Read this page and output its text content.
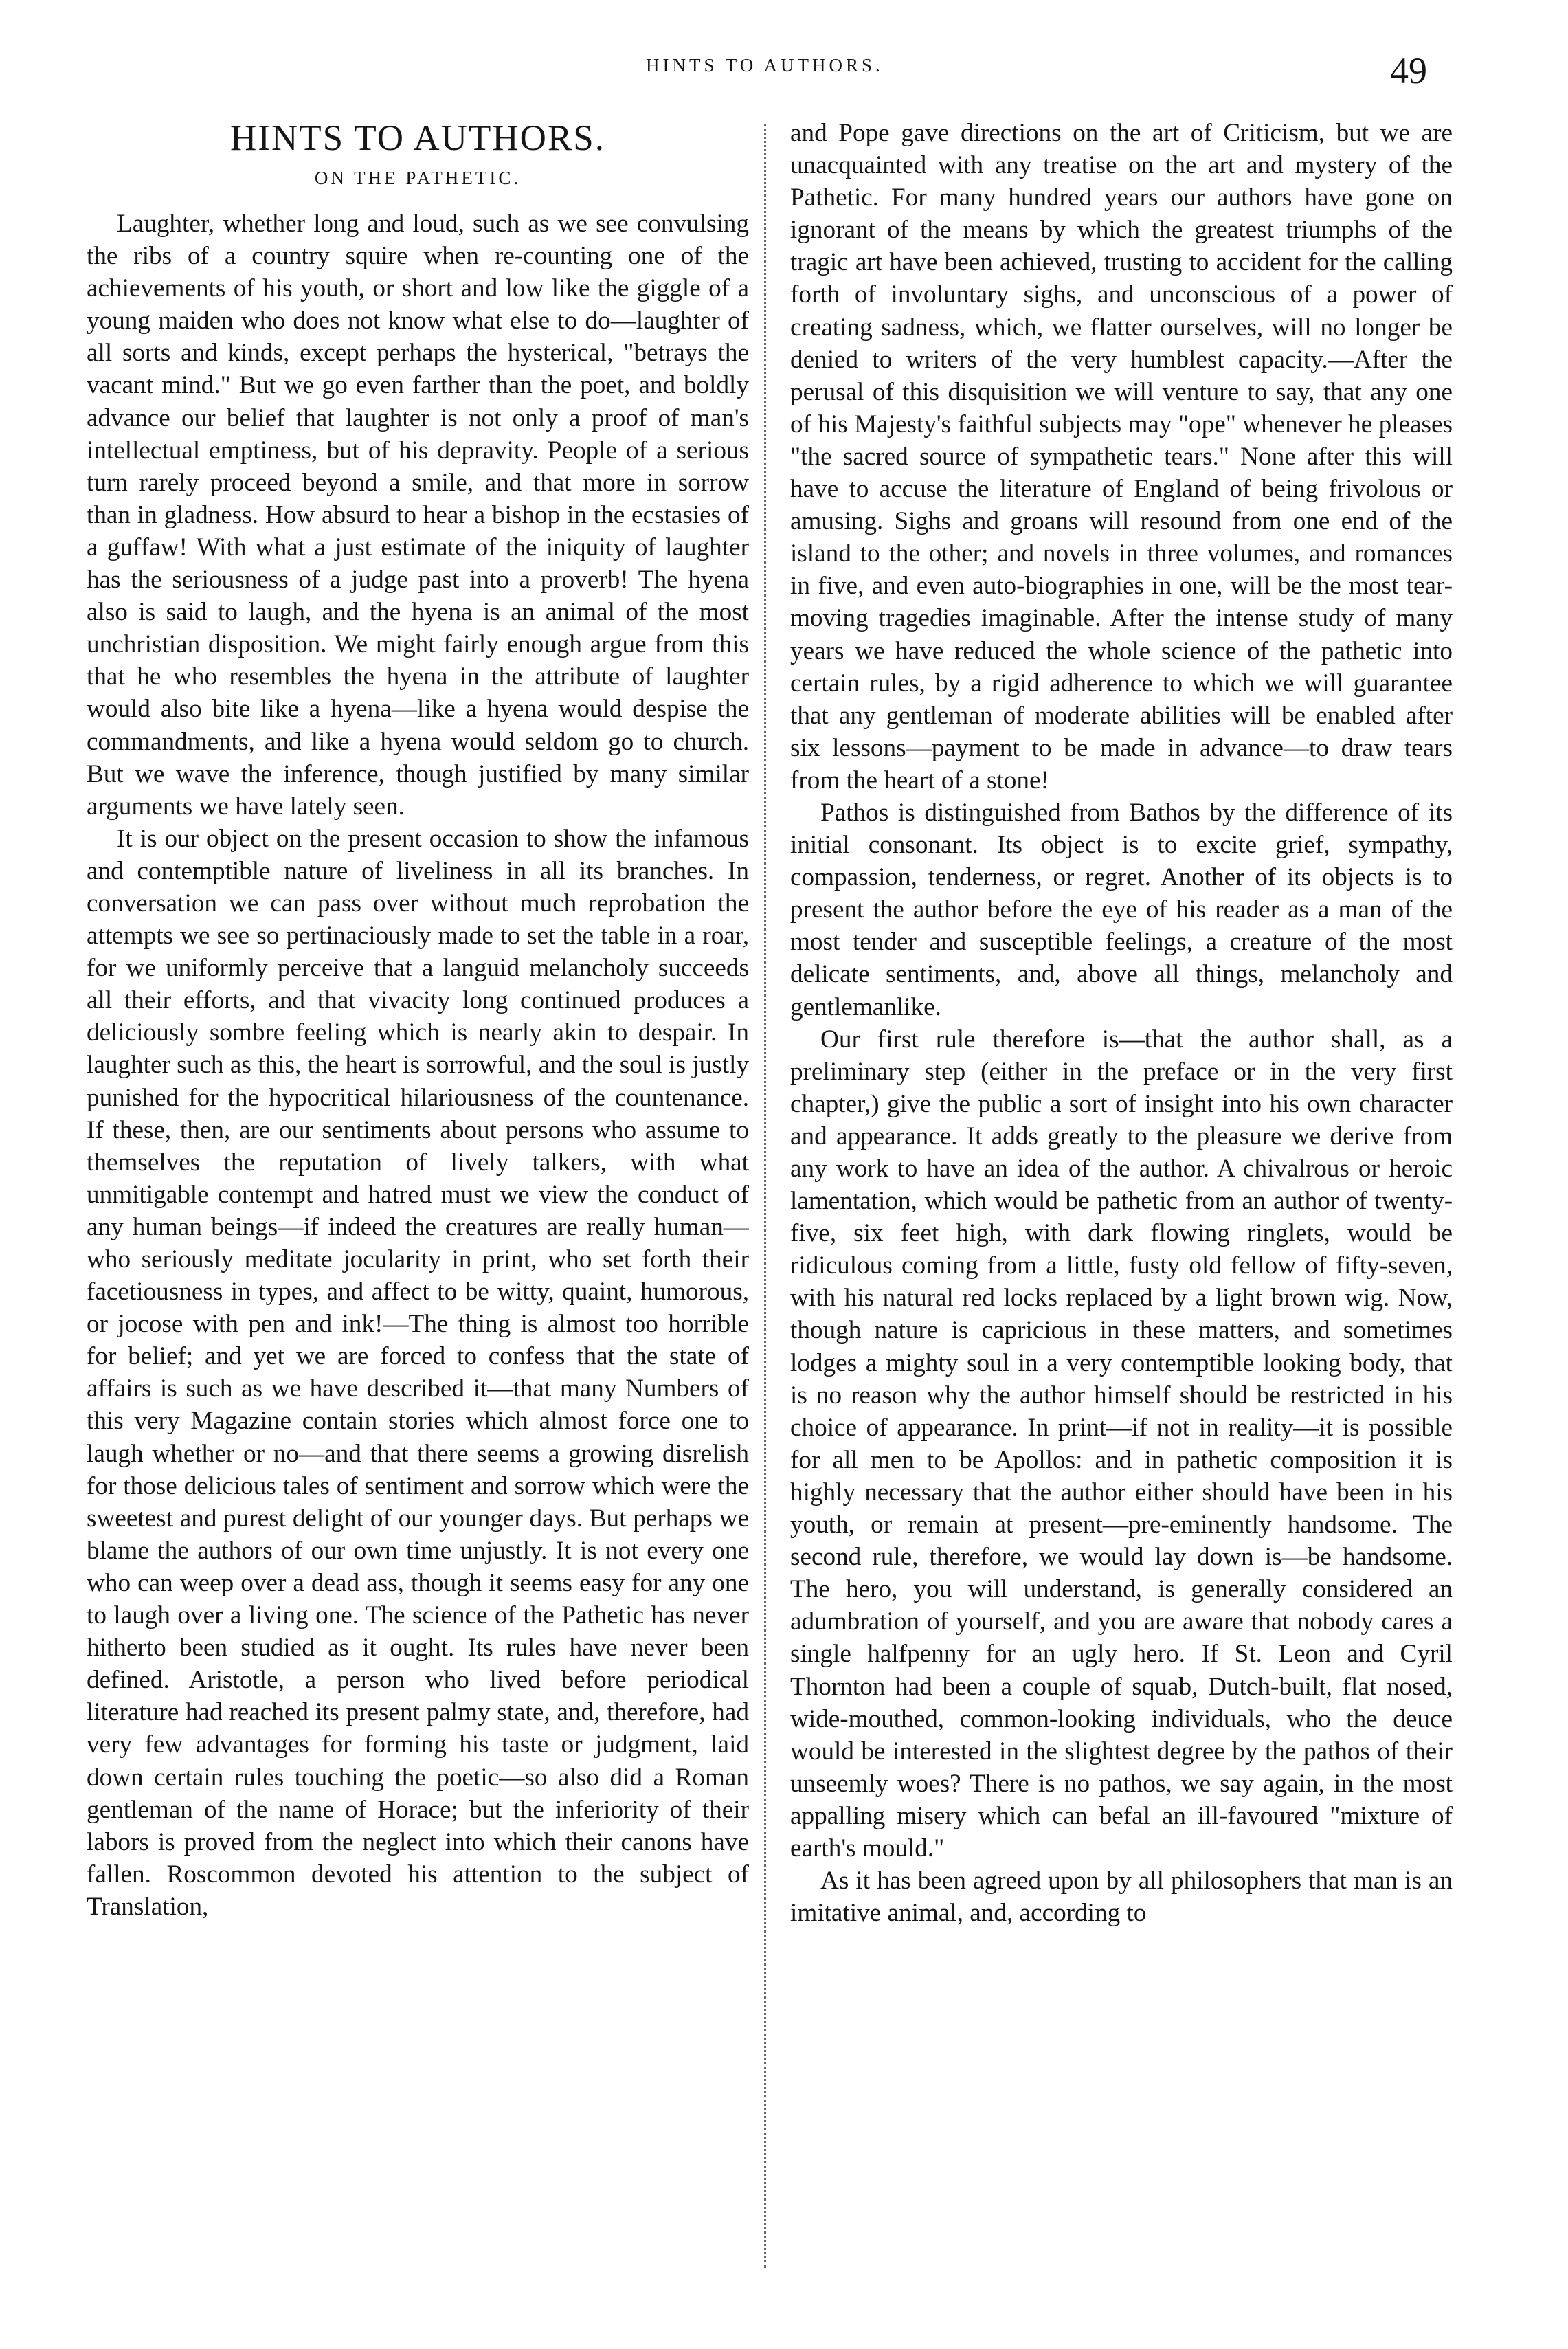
HINTS TO AUTHORS.	49
HINTS TO AUTHORS.
ON THE PATHETIC.

Laughter, whether long and loud, such as we see convulsing the ribs of a country squire when re-counting one of the achievements of his youth, or short and low like the giggle of a young maiden who does not know what else to do—laughter of all sorts and kinds, except perhaps the hysterical, "betrays the vacant mind." But we go even farther than the poet, and boldly advance our belief that laughter is not only a proof of man's intellectual emptiness, but of his depravity. People of a serious turn rarely proceed beyond a smile, and that more in sorrow than in gladness. How absurd to hear a bishop in the ecstasies of a guffaw! With what a just estimate of the iniquity of laughter has the seriousness of a judge past into a proverb! The hyena also is said to laugh, and the hyena is an animal of the most unchristian disposition. We might fairly enough argue from this that he who resembles the hyena in the attribute of laughter would also bite like a hyena—like a hyena would despise the commandments, and like a hyena would seldom go to church. But we wave the inference, though justified by many similar arguments we have lately seen.

It is our object on the present occasion to show the infamous and contemptible nature of liveliness in all its branches. In conversation we can pass over without much reprobation the attempts we see so pertinaciously made to set the table in a roar, for we uniformly perceive that a languid melancholy succeeds all their efforts, and that vivacity long continued produces a deliciously sombre feeling which is nearly akin to despair. In laughter such as this, the heart is sorrowful, and the soul is justly punished for the hypocritical hilariousness of the countenance. If these, then, are our sentiments about persons who assume to themselves the reputation of lively talkers, with what unmitigable contempt and hatred must we view the conduct of any human beings—if indeed the creatures are really human—who seriously meditate jocularity in print, who set forth their facetiousness in types, and affect to be witty, quaint, humorous, or jocose with pen and ink!—The thing is almost too horrible for belief; and yet we are forced to confess that the state of affairs is such as we have described it—that many Numbers of this very Magazine contain stories which almost force one to laugh whether or no—and that there seems a growing disrelish for those delicious tales of sentiment and sorrow which were the sweetest and purest delight of our younger days. But perhaps we blame the authors of our own time unjustly. It is not every one who can weep over a dead ass, though it seems easy for any one to laugh over a living one. The science of the Pathetic has never hitherto been studied as it ought. Its rules have never been defined. Aristotle, a person who lived before periodical literature had reached its present palmy state, and, therefore, had very few advantages for forming his taste or judgment, laid down certain rules touching the poetic—so also did a Roman gentleman of the name of Horace; but the inferiority of their labors is proved from the neglect into which their canons have fallen. Roscommon devoted his attention to the subject of Translation,

and Pope gave directions on the art of Criticism, but we are unacquainted with any treatise on the art and mystery of the Pathetic. For many hundred years our authors have gone on ignorant of the means by which the greatest triumphs of the tragic art have been achieved, trusting to accident for the calling forth of involuntary sighs, and unconscious of a power of creating sadness, which, we flatter ourselves, will no longer be denied to writers of the very humblest capacity.—After the perusal of this disquisition we will venture to say, that any one of his Majesty's faithful subjects may "ope" whenever he pleases "the sacred source of sympathetic tears." None after this will have to accuse the literature of England of being frivolous or amusing. Sighs and groans will resound from one end of the island to the other; and novels in three volumes, and romances in five, and even auto-biographies in one, will be the most tear-moving tragedies imaginable. After the intense study of many years we have reduced the whole science of the pathetic into certain rules, by a rigid adherence to which we will guarantee that any gentleman of moderate abilities will be enabled after six lessons—payment to be made in advance—to draw tears from the heart of a stone!

Pathos is distinguished from Bathos by the difference of its initial consonant. Its object is to excite grief, sympathy, compassion, tenderness, or regret. Another of its objects is to present the author before the eye of his reader as a man of the most tender and susceptible feelings, a creature of the most delicate sentiments, and, above all things, melancholy and gentlemanlike.

Our first rule therefore is—that the author shall, as a preliminary step (either in the preface or in the very first chapter,) give the public a sort of insight into his own character and appearance. It adds greatly to the pleasure we derive from any work to have an idea of the author. A chivalrous or heroic lamentation, which would be pathetic from an author of twenty-five, six feet high, with dark flowing ringlets, would be ridiculous coming from a little, fusty old fellow of fifty-seven, with his natural red locks replaced by a light brown wig. Now, though nature is capricious in these matters, and sometimes lodges a mighty soul in a very contemptible looking body, that is no reason why the author himself should be restricted in his choice of appearance. In print—if not in reality—it is possible for all men to be Apollos: and in pathetic composition it is highly necessary that the author either should have been in his youth, or remain at present—pre-eminently handsome. The second rule, therefore, we would lay down is—be handsome. The hero, you will understand, is generally considered an adumbration of yourself, and you are aware that nobody cares a single halfpenny for an ugly hero. If St. Leon and Cyril Thornton had been a couple of squab, Dutch-built, flat nosed, wide-mouthed, common-looking individuals, who the deuce would be interested in the slightest degree by the pathos of their unseemly woes? There is no pathos, we say again, in the most appalling misery which can befal an ill-favoured "mixture of earth's mould."

As it has been agreed upon by all philosophers that man is an imitative animal, and, according to
